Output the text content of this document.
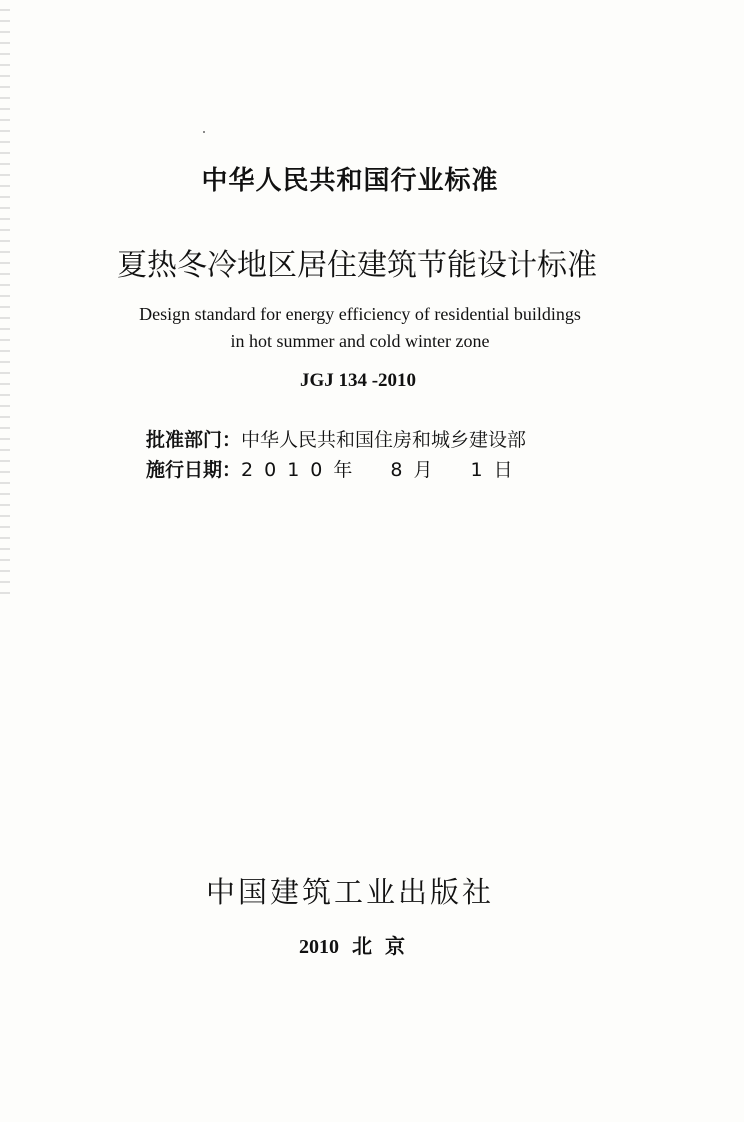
中华人民共和国行业标准
夏热冬冷地区居住建筑节能设计标准
Design standard for energy efficiency of residential buildings
in hot summer and cold winter zone
JGJ 134 -2010
批准部门：中华人民共和国住房和城乡建设部
施行日期：2010年 8月 1日
中国建筑工业出版社
2010 北 京
